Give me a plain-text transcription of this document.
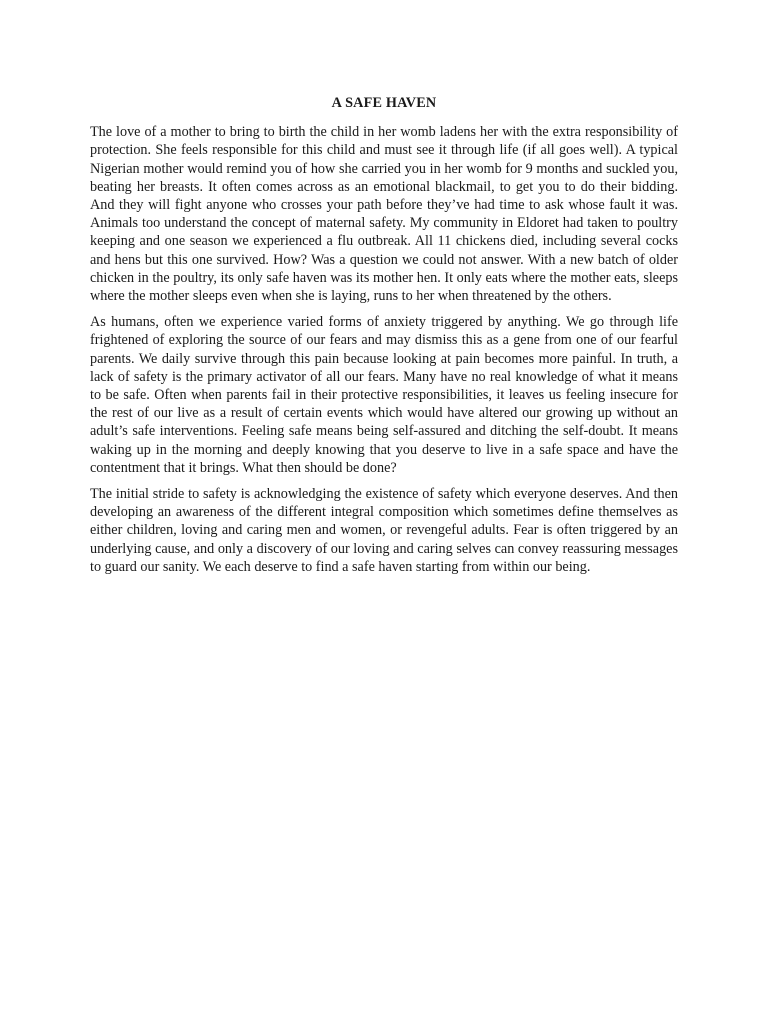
A SAFE HAVEN

The love of a mother to bring to birth the child in her womb ladens her with the extra responsibility of protection. She feels responsible for this child and must see it through life (if all goes well). A typical Nigerian mother would remind you of how she carried you in her womb for 9 months and suckled you, beating her breasts. It often comes across as an emotional blackmail, to get you to do their bidding. And they will fight anyone who crosses your path before they’ve had time to ask whose fault it was. Animals too understand the concept of maternal safety. My community in Eldoret had taken to poultry keeping and one season we experienced a flu outbreak. All 11 chickens died, including several cocks and hens but this one survived. How? Was a question we could not answer. With a new batch of older chicken in the poultry, its only safe haven was its mother hen. It only eats where the mother eats, sleeps where the mother sleeps even when she is laying, runs to her when threatened by the others.

As humans, often we experience varied forms of anxiety triggered by anything. We go through life frightened of exploring the source of our fears and may dismiss this as a gene from one of our fearful parents. We daily survive through this pain because looking at pain becomes more painful. In truth, a lack of safety is the primary activator of all our fears. Many have no real knowledge of what it means to be safe. Often when parents fail in their protective responsibilities, it leaves us feeling insecure for the rest of our live as a result of certain events which would have altered our growing up without an adult’s safe interventions. Feeling safe means being self-assured and ditching the self-doubt. It means waking up in the morning and deeply knowing that you deserve to live in a safe space and have the contentment that it brings. What then should be done?

The initial stride to safety is acknowledging the existence of safety which everyone deserves. And then developing an awareness of the different integral composition which sometimes define themselves as either children, loving and caring men and women, or revengeful adults. Fear is often triggered by an underlying cause, and only a discovery of our loving and caring selves can convey reassuring messages to guard our sanity. We each deserve to find a safe haven starting from within our being.
